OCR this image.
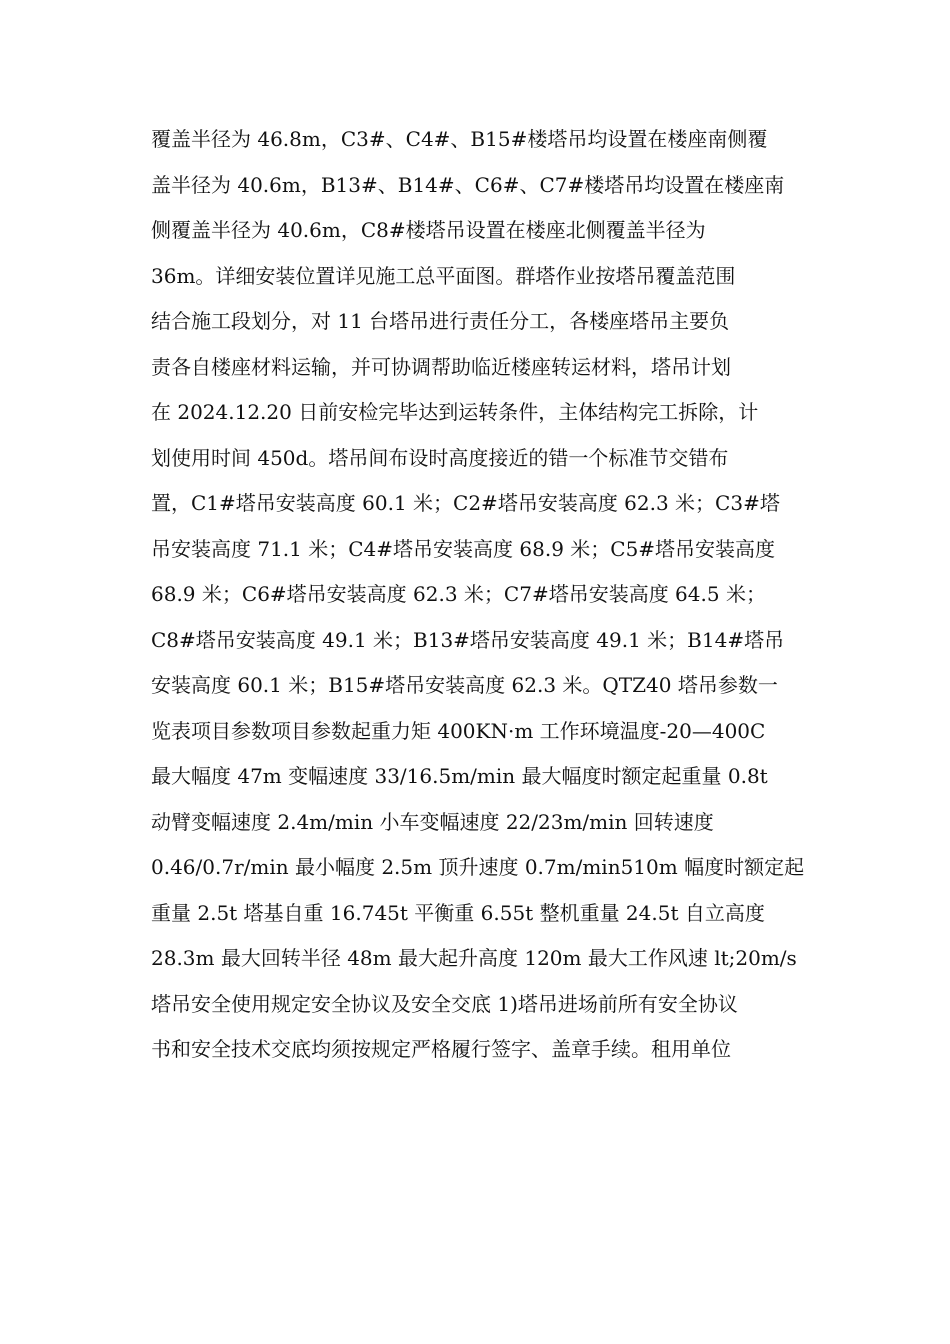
覆盖半径为 46.8m，C3#、C4#、B15#楼塔吊均设置在楼座南侧覆
盖半径为 40.6m，B13#、B14#、C6#、C7#楼塔吊均设置在楼座南
侧覆盖半径为 40.6m，C8#楼塔吊设置在楼座北侧覆盖半径为
36m。详细安装位置详见施工总平面图。群塔作业按塔吊覆盖范围
结合施工段划分，对 11 台塔吊进行责任分工，各楼座塔吊主要负
责各自楼座材料运输，并可协调帮助临近楼座转运材料，塔吊计划
在 2024.12.20 日前安检完毕达到运转条件，主体结构完工拆除，计
划使用时间 450d。塔吊间布设时高度接近的错一个标准节交错布
置，C1#塔吊安装高度 60.1 米；C2#塔吊安装高度 62.3 米；C3#塔
吊安装高度 71.1 米；C4#塔吊安装高度 68.9 米；C5#塔吊安装高度
68.9 米；C6#塔吊安装高度 62.3 米；C7#塔吊安装高度 64.5 米；
C8#塔吊安装高度 49.1 米；B13#塔吊安装高度 49.1 米；B14#塔吊
安装高度 60.1 米；B15#塔吊安装高度 62.3 米。QTZ40 塔吊参数一
览表项目参数项目参数起重力矩 400KN·m 工作环境温度-20—400C
最大幅度 47m 变幅速度 33/16.5m/min 最大幅度时额定起重量 0.8t
动臂变幅速度 2.4m/min 小车变幅速度 22/23m/min 回转速度
0.46/0.7r/min 最小幅度 2.5m 顶升速度 0.7m/min510m 幅度时额定起
重量 2.5t 塔基自重 16.745t 平衡重 6.55t 整机重量 24.5t 自立高度
28.3m 最大回转半径 48m 最大起升高度 120m 最大工作风速 lt;20m/s
塔吊安全使用规定安全协议及安全交底 1)塔吊进场前所有安全协议
书和安全技术交底均须按规定严格履行签字、盖章手续。租用单位
